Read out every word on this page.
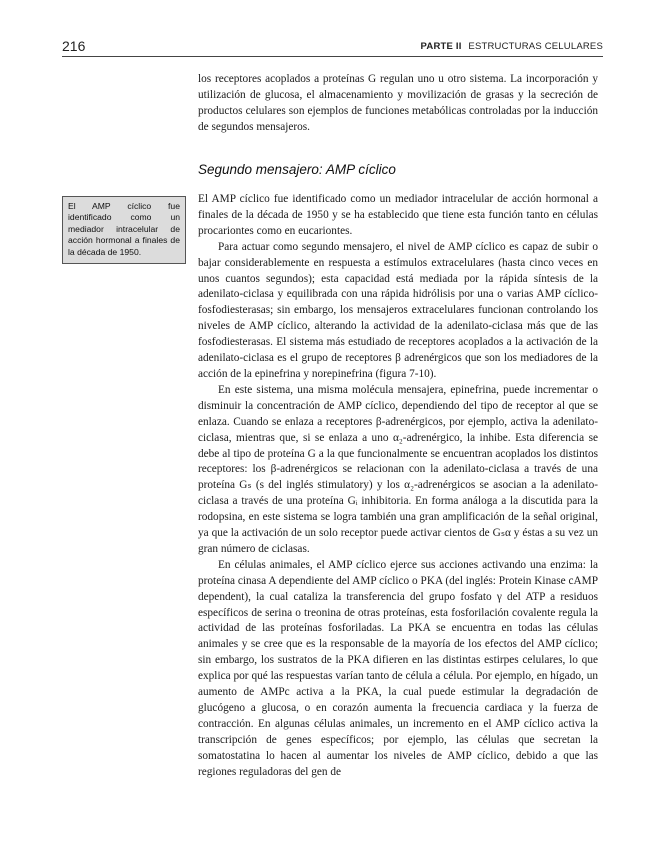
216	PARTE II ESTRUCTURAS CELULARES

los receptores acoplados a proteínas G regulan uno u otro sistema. La incorporación y utilización de glucosa, el almacenamiento y movilización de grasas y la secreción de productos celulares son ejemplos de funciones metabólicas controladas por la inducción de segundos mensajeros.

Segundo mensajero: AMP cíclico
El AMP cíclico fue identificado como un mediador intracelular de acción hormonal a finales de la década de 1950.

El AMP cíclico fue identificado como un mediador intracelular de acción hormonal a finales de la década de 1950 y se ha establecido que tiene esta función tanto en células procariontes como en eucariontes.

Para actuar como segundo mensajero, el nivel de AMP cíclico es capaz de subir o bajar considerablemente en respuesta a estímulos extracelulares (hasta cinco veces en unos cuantos segundos); esta capacidad está mediada por la rápida síntesis de la adenilato-ciclasa y equilibrada con una rápida hidrólisis por una o varias AMP cíclico-fosfodiesterasas; sin embargo, los mensajeros extracelulares funcionan controlando los niveles de AMP cíclico, alterando la actividad de la adenilato-ciclasa más que de las fosfodiesterasas. El sistema más estudiado de receptores acoplados a la activación de la adenilato-ciclasa es el grupo de receptores β adrenérgicos que son los mediadores de la acción de la epinefrina y norepinefrina (figura 7-10).

En este sistema, una misma molécula mensajera, epinefrina, puede incrementar o disminuir la concentración de AMP cíclico, dependiendo del tipo de receptor al que se enlaza. Cuando se enlaza a receptores β-adrenérgicos, por ejemplo, activa la adenilato-ciclasa, mientras que, si se enlaza a uno α₂-adrenérgico, la inhibe. Esta diferencia se debe al tipo de proteína G a la que funcionalmente se encuentran acoplados los distintos receptores: los β-adrenérgicos se relacionan con la adenilato-ciclasa a través de una proteína Gₛ (s del inglés stimulatory) y los α₂-adrenérgicos se asocian a la adenilato-ciclasa a través de una proteína Gᵢ inhibitoria. En forma análoga a la discutida para la rodopsina, en este sistema se logra también una gran amplificación de la señal original, ya que la activación de un solo receptor puede activar cientos de Gₛα y éstas a su vez un gran número de ciclasas.

En células animales, el AMP cíclico ejerce sus acciones activando una enzima: la proteína cinasa A dependiente del AMP cíclico o PKA (del inglés: Protein Kinase cAMP dependent), la cual cataliza la transferencia del grupo fosfato γ del ATP a residuos específicos de serina o treonina de otras proteínas, esta fosforilación covalente regula la actividad de las proteínas fosforiladas. La PKA se encuentra en todas las células animales y se cree que es la responsable de la mayoría de los efectos del AMP cíclico; sin embargo, los sustratos de la PKA difieren en las distintas estirpes celulares, lo que explica por qué las respuestas varían tanto de célula a célula. Por ejemplo, en hígado, un aumento de AMPc activa a la PKA, la cual puede estimular la degradación de glucógeno a glucosa, o en corazón aumenta la frecuencia cardiaca y la fuerza de contracción. En algunas células animales, un incremento en el AMP cíclico activa la transcripción de genes específicos; por ejemplo, las células que secretan la somatostatina lo hacen al aumentar los niveles de AMP cíclico, debido a que las regiones reguladoras del gen de
